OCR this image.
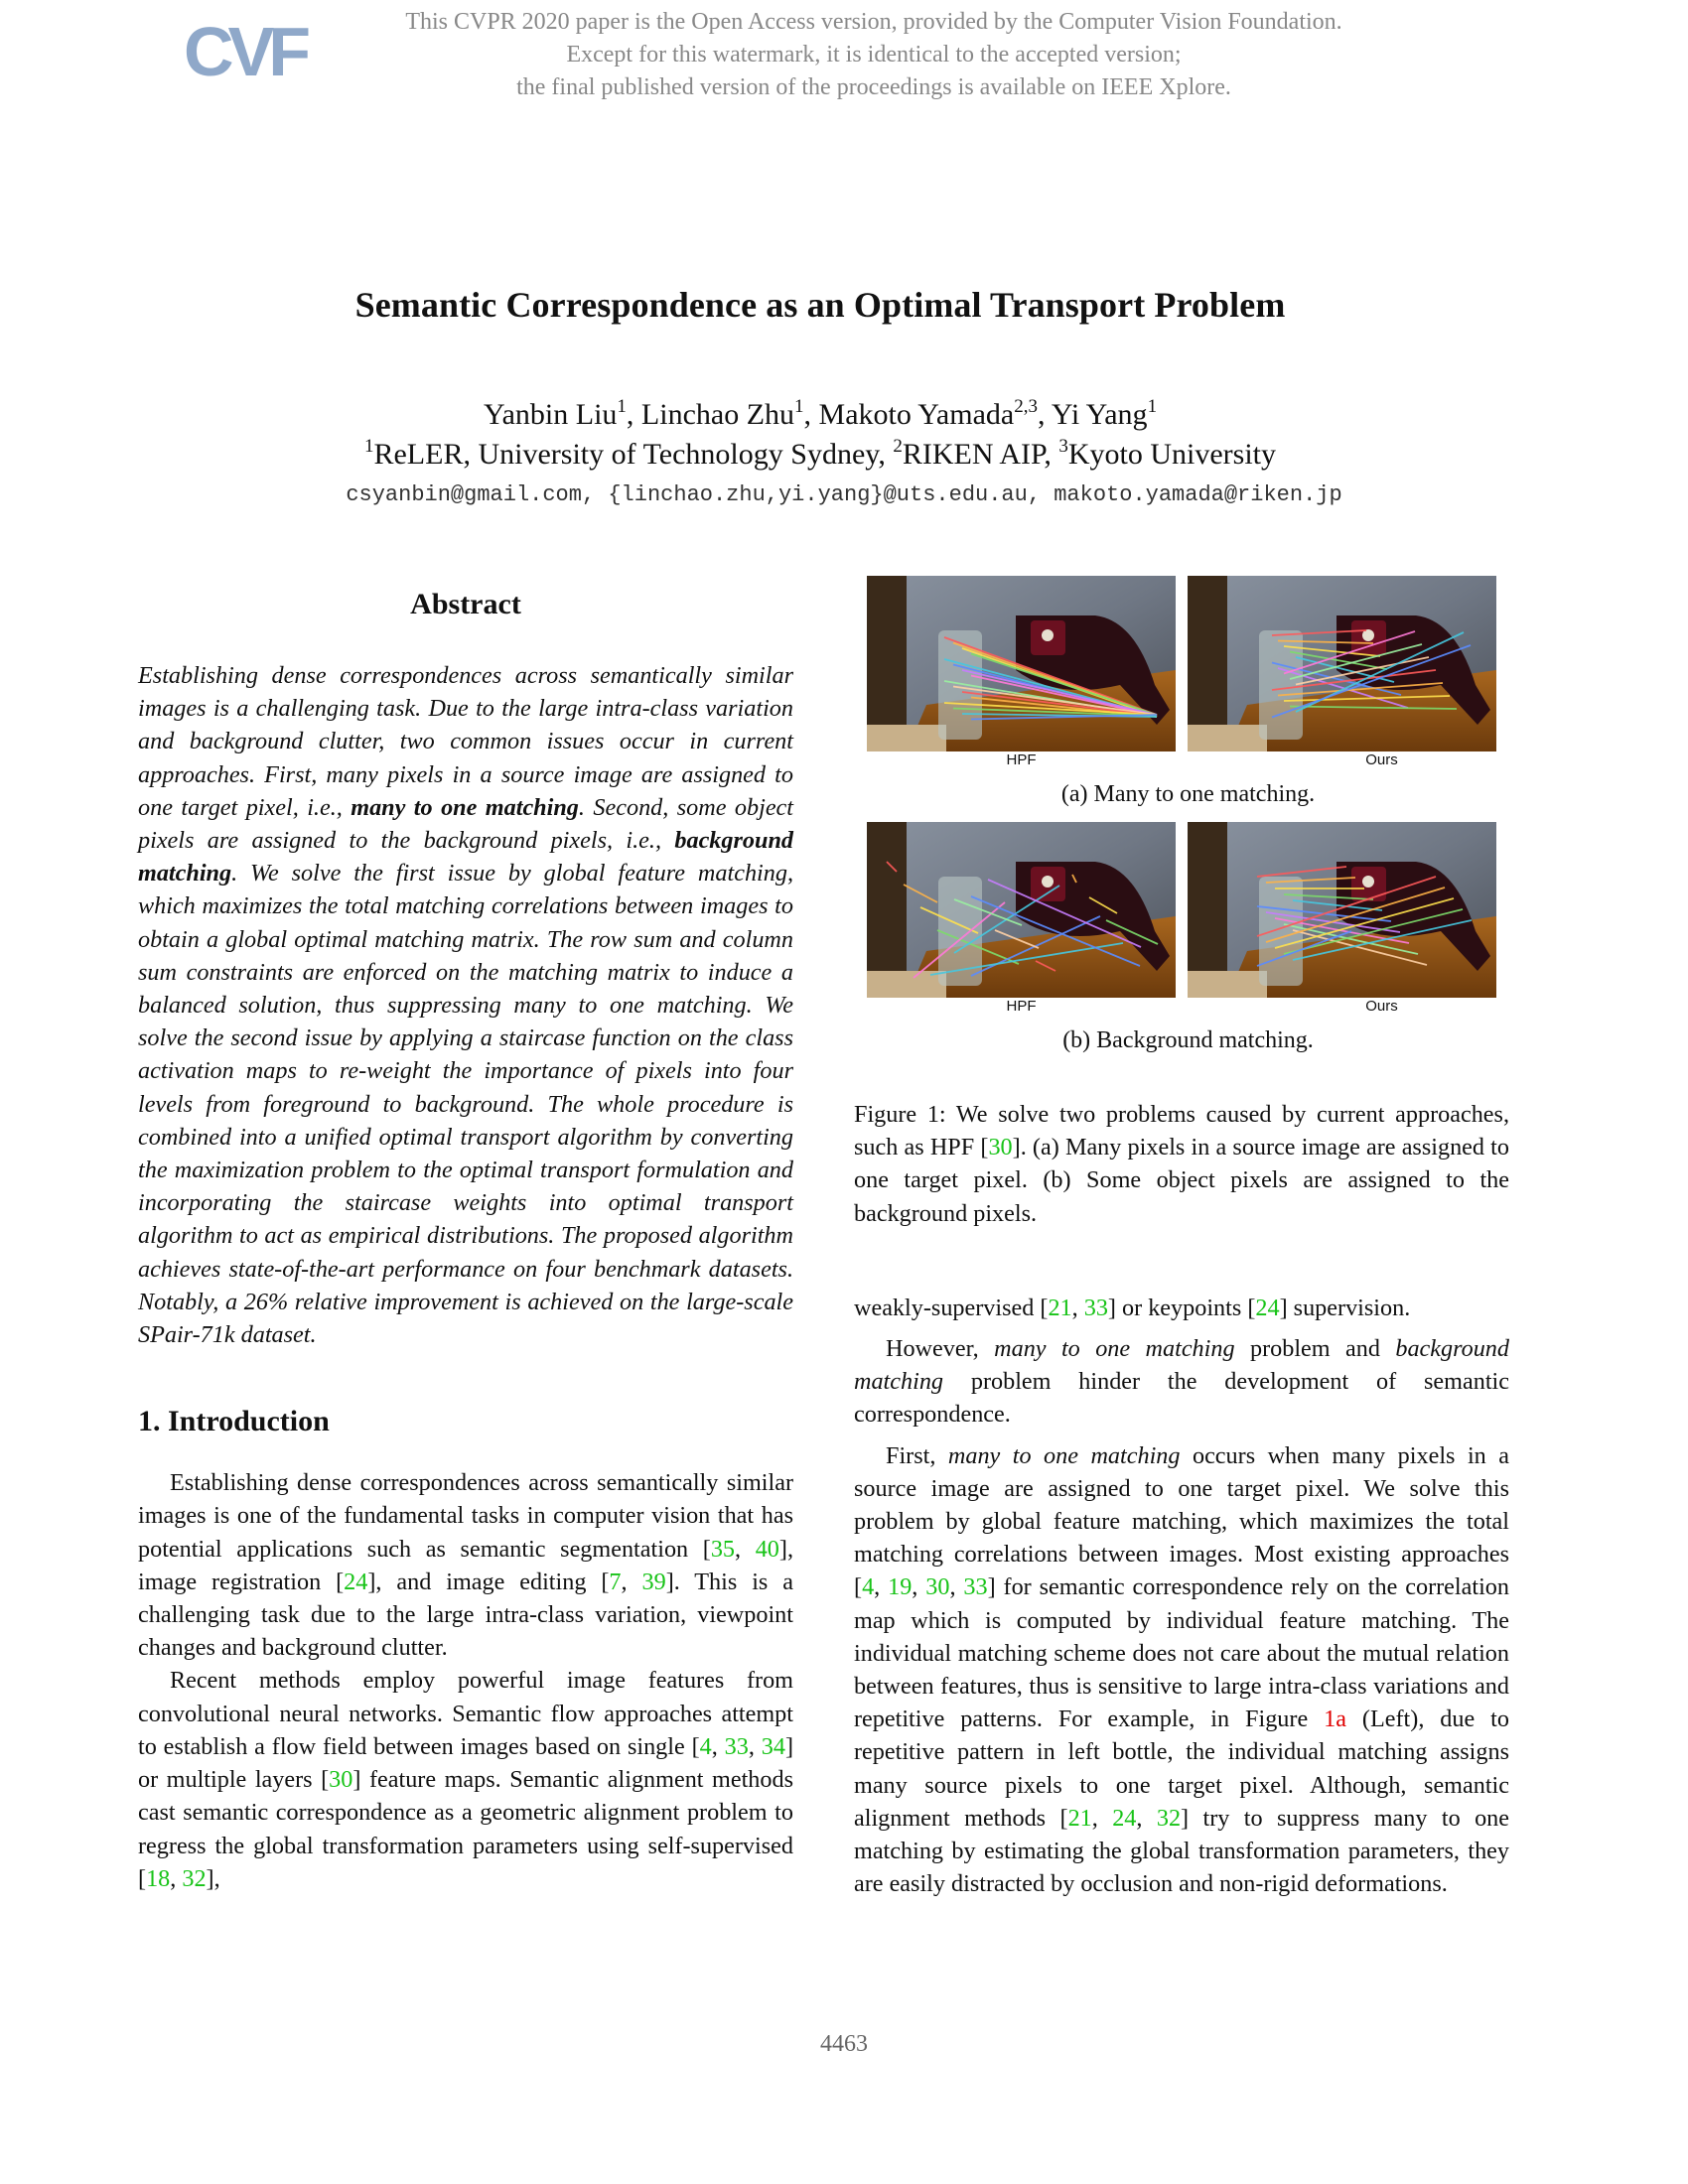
CVF	This CVPR 2020 paper is the Open Access version, provided by the Computer Vision Foundation.
Except for this watermark, it is identical to the accepted version;
the final published version of the proceedings is available on IEEE Xplore.
Semantic Correspondence as an Optimal Transport Problem
Yanbin Liu$^1$, Linchao Zhu$^1$, Makoto Yamada$^{2,3}$, Yi Yang$^1$
$^1$ReLER, University of Technology Sydney, $^2$RIKEN AIP, $^3$Kyoto University
csyanbin@gmail.com, {linchao.zhu,yi.yang}@uts.edu.au, makoto.yamada@riken.jp
Abstract

Establishing dense correspondences across semantically similar images is a challenging task. Due to the large intra-class variation and background clutter, two common issues occur in current approaches. First, many pixels in a source image are assigned to one target pixel, i.e., many to one matching. Second, some object pixels are assigned to the background pixels, i.e., background matching. We solve the first issue by global feature matching, which maximizes the total matching correlations between images to obtain a global optimal matching matrix. The row sum and column sum constraints are enforced on the matching matrix to induce a balanced solution, thus suppressing many to one matching. We solve the second issue by applying a staircase function on the class activation maps to re-weight the importance of pixels into four levels from foreground to background. The whole procedure is combined into a unified optimal transport algorithm by converting the maximization problem to the optimal transport formulation and incorporating the staircase weights into optimal transport algorithm to act as empirical distributions. The proposed algorithm achieves state-of-the-art performance on four benchmark datasets. Notably, a 26% relative improvement is achieved on the large-scale SPair-71k dataset.

1. Introduction

Establishing dense correspondences across semantically similar images is one of the fundamental tasks in computer vision that has potential applications such as semantic segmentation [35, 40], image registration [24], and image editing [7, 39]. This is a challenging task due to the large intra-class variation, viewpoint changes and background clutter.

Recent methods employ powerful image features from convolutional neural networks. Semantic flow approaches attempt to establish a flow field between images based on single [4, 33, 34] or multiple layers [30] feature maps. Semantic alignment methods cast semantic correspondence as a geometric alignment problem to regress the global transformation parameters using self-supervised [18, 32],

HPF	Ours
(a) Many to one matching.
HPF	Ours
(b) Background matching.

Figure 1: We solve two problems caused by current approaches, such as HPF [30]. (a) Many pixels in a source image are assigned to one target pixel. (b) Some object pixels are assigned to the background pixels.

weakly-supervised [21, 33] or keypoints [24] supervision.

However, many to one matching problem and background matching problem hinder the development of semantic correspondence.

First, many to one matching occurs when many pixels in a source image are assigned to one target pixel. We solve this problem by global feature matching, which maximizes the total matching correlations between images. Most existing approaches [4, 19, 30, 33] for semantic correspondence rely on the correlation map which is computed by individual feature matching. The individual matching scheme does not care about the mutual relation between features, thus is sensitive to large intra-class variations and repetitive patterns. For example, in Figure 1a (Left), due to repetitive pattern in left bottle, the individual matching assigns many source pixels to one target pixel. Although, semantic alignment methods [21, 24, 32] try to suppress many to one matching by estimating the global transformation parameters, they are easily distracted by occlusion and non-rigid deformations.

4463
